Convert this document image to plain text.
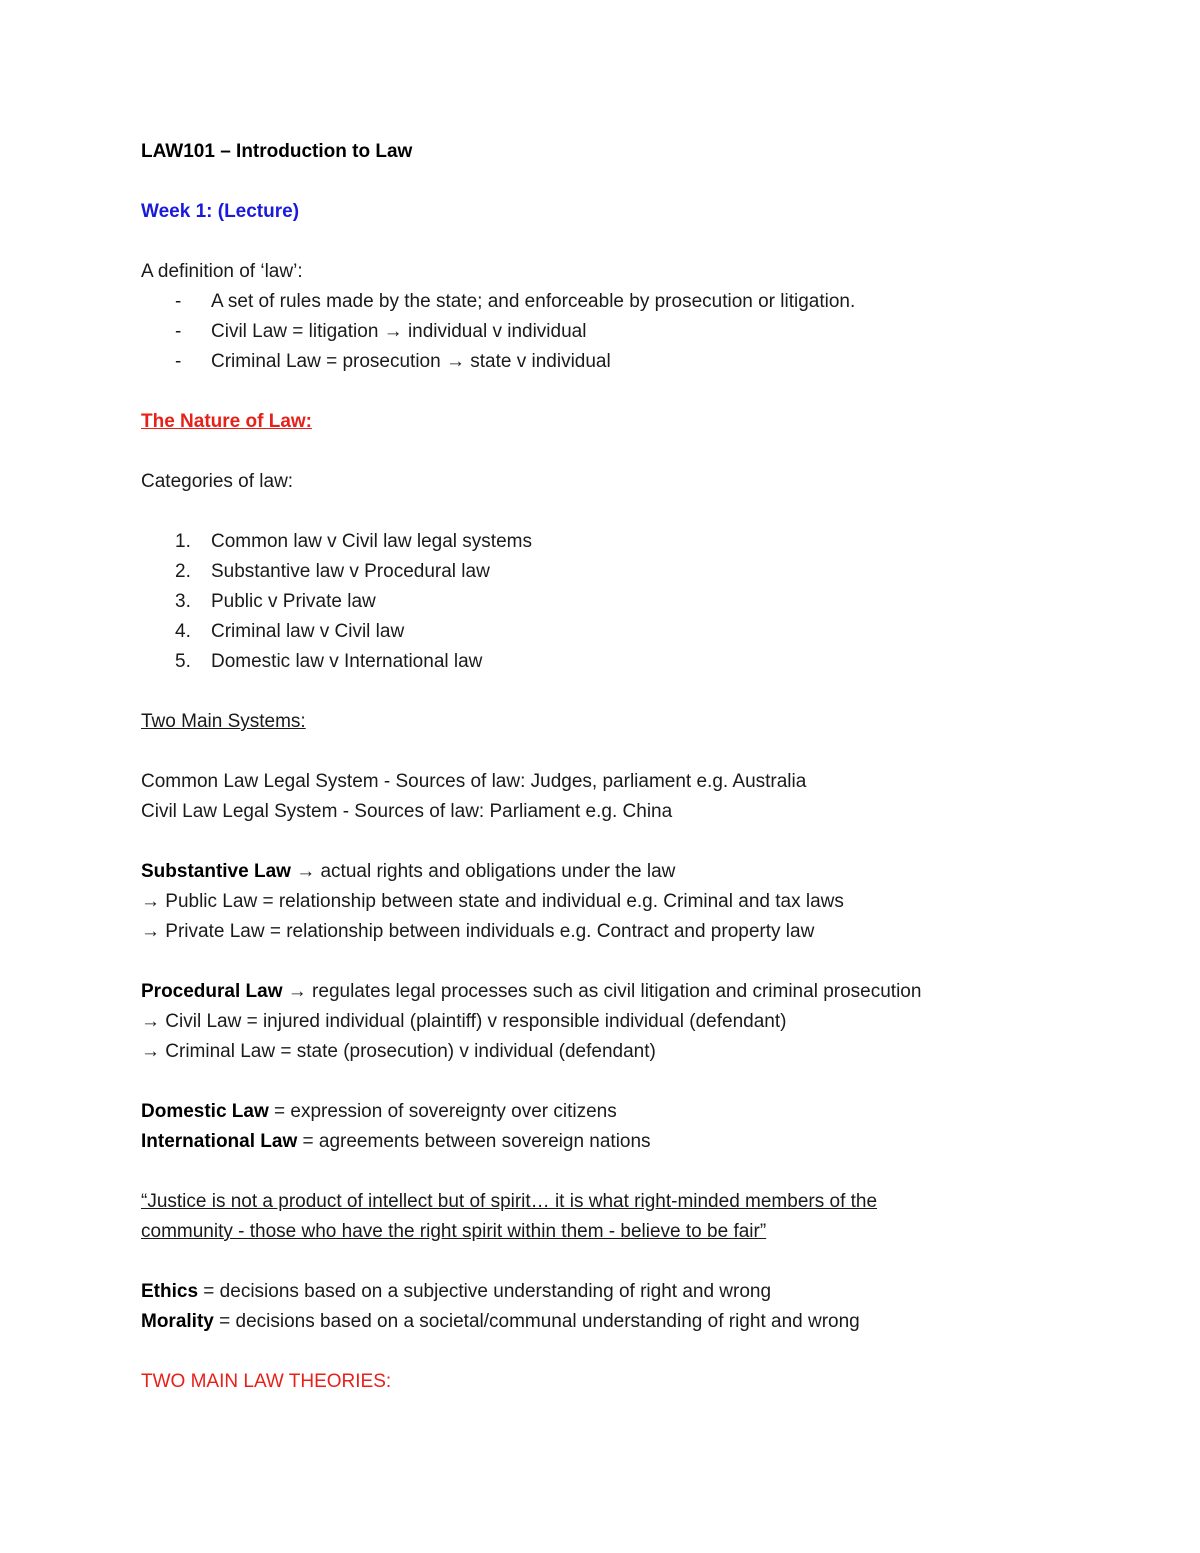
LAW101 – Introduction to Law
Week 1: (Lecture)
A definition of ‘law’:
-	A set of rules made by the state; and enforceable by prosecution or litigation.
-	Civil Law = litigation → individual v individual
-	Criminal Law = prosecution → state v individual
The Nature of Law:
Categories of law:
1.	Common law v Civil law legal systems
2.	Substantive law v Procedural law
3.	Public v Private law
4.	Criminal law v Civil law
5.	Domestic law v International law
Two Main Systems:
Common Law Legal System - Sources of law: Judges, parliament e.g. Australia
Civil Law Legal System - Sources of law: Parliament e.g. China
Substantive Law → actual rights and obligations under the law
→ Public Law = relationship between state and individual e.g. Criminal and tax laws
→ Private Law = relationship between individuals e.g. Contract and property law
Procedural Law → regulates legal processes such as civil litigation and criminal prosecution
→ Civil Law = injured individual (plaintiff) v responsible individual (defendant)
→ Criminal Law = state (prosecution) v individual (defendant)
Domestic Law = expression of sovereignty over citizens
International Law = agreements between sovereign nations
“Justice is not a product of intellect but of spirit… it is what right-minded members of the
community - those who have the right spirit within them - believe to be fair”
Ethics = decisions based on a subjective understanding of right and wrong
Morality = decisions based on a societal/communal understanding of right and wrong
TWO MAIN LAW THEORIES:
